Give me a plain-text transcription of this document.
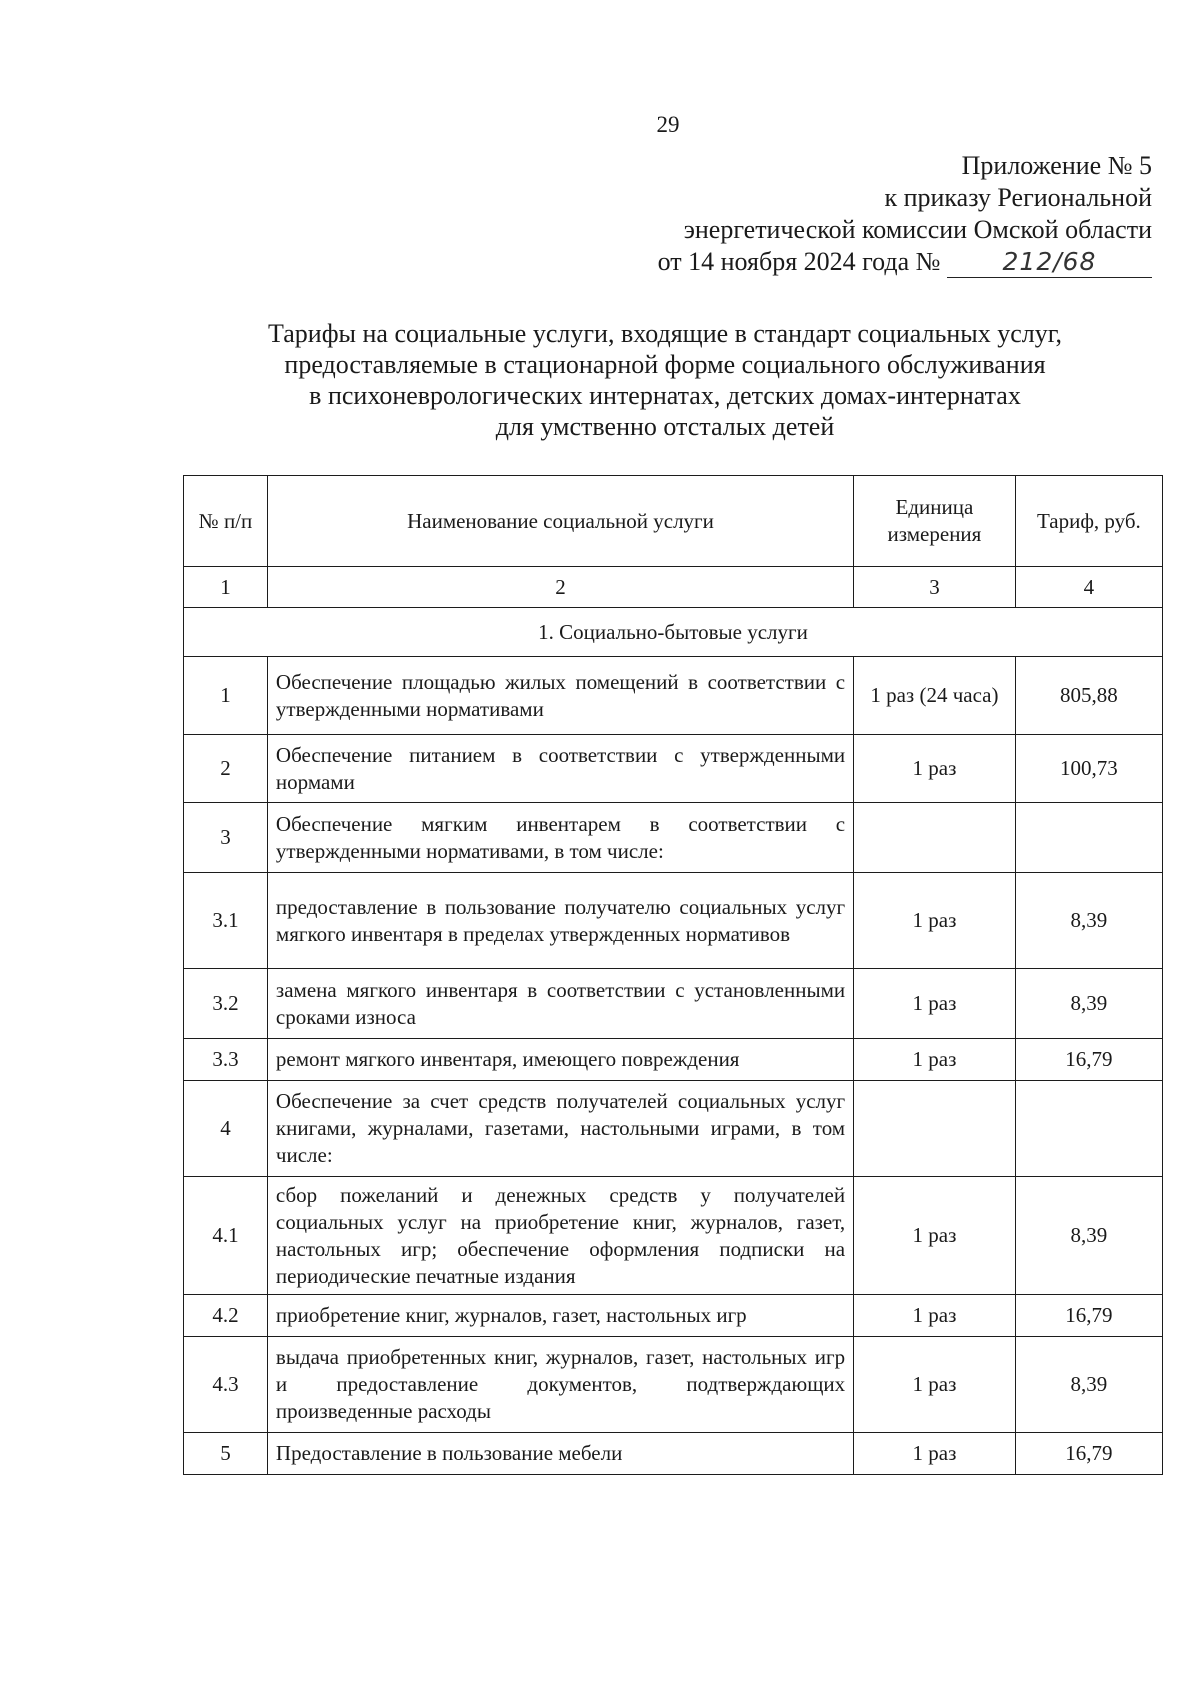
29
Приложение № 5
к приказу Региональной
энергетической комиссии Омской области
от 14 ноября 2024 года № 212/68
Тарифы на социальные услуги, входящие в стандарт социальных услуг,
предоставляемые в стационарной форме социального обслуживания
в психоневрологических интернатах, детских домах-интернатах
для умственно отсталых детей
№ п/п	Наименование социальной услуги	Единица измерения	Тариф, руб.
1	2	3	4
1. Социально-бытовые услуги			
1	Обеспечение площадью жилых помещений в соответствии с утвержденными нормативами	1 раз (24 часа)	805,88
2	Обеспечение питанием в соответствии с утвержденными нормами	1 раз	100,73
3	Обеспечение мягким инвентарем в соответствии с утвержденными нормативами, в том числе:		
3.1	предоставление в пользование получателю социальных услуг мягкого инвентаря в пределах утвержденных нормативов	1 раз	8,39
3.2	замена мягкого инвентаря в соответствии с установленными сроками износа	1 раз	8,39
3.3	ремонт мягкого инвентаря, имеющего повреждения	1 раз	16,79
4	Обеспечение за счет средств получателей социальных услуг книгами, журналами, газетами, настольными играми, в том числе:		
4.1	сбор пожеланий и денежных средств у получателей социальных услуг на приобретение книг, журналов, газет, настольных игр; обеспечение оформления подписки на периодические печатные издания	1 раз	8,39
4.2	приобретение книг, журналов, газет, настольных игр	1 раз	16,79
4.3	выдача приобретенных книг, журналов, газет, настольных игр и предоставление документов, подтверждающих произведенные расходы	1 раз	8,39
5	Предоставление в пользование мебели	1 раз	16,79
